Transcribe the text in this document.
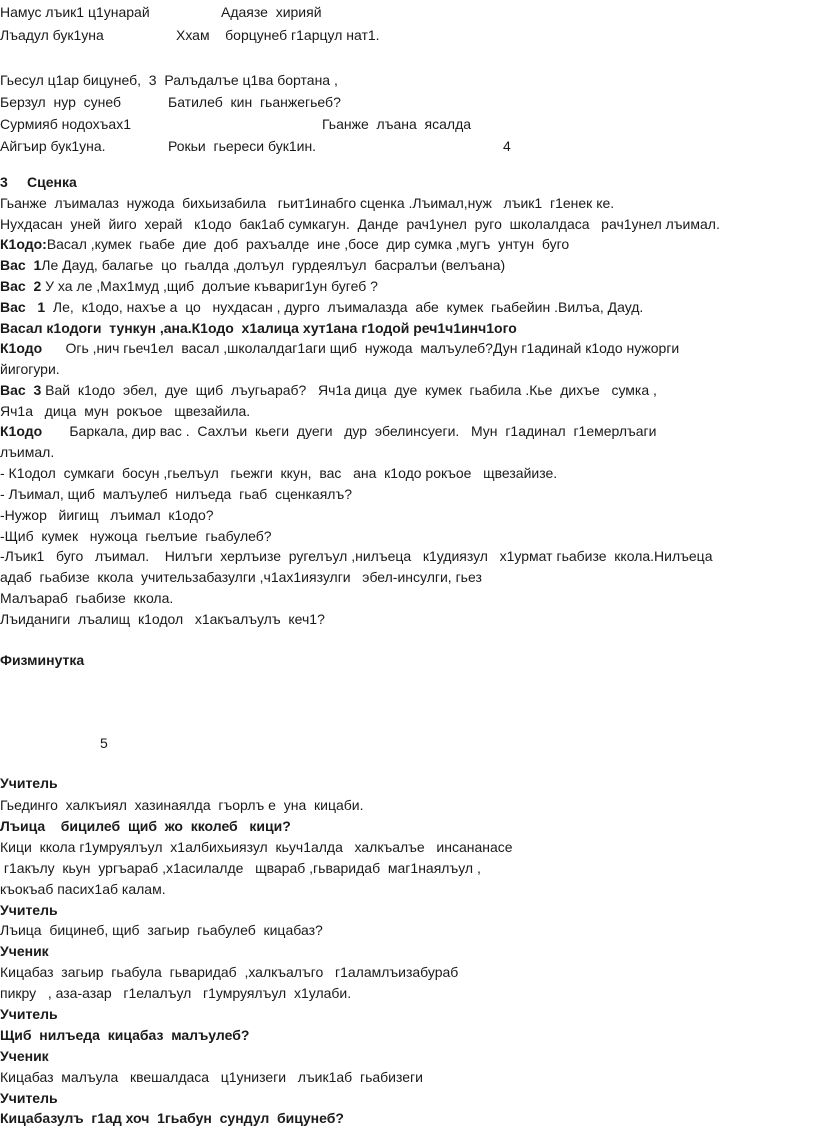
Намус лъик1 ц1унарай	Адаязе  хирияй
Лъадул бук1уна	Ххам    борцунеб г1арцул нат1.
Гьесул ц1ар бицунеб,  3  Ралъдалъе ц1ва бортана ,
Берзул  нур  сунеб	Батилеб  кин  гьанжегьеб?
Сурмияб нодохъах1	Гьанже  лъана  ясалда
Айгъир бук1уна.	Рокьи  гьереси бук1ин.	4
3 Сценка
Гьанже  лъималаз  нужода  бихьизабила   гьит1инабго сценка .Лъимал,нуж   лъик1  г1енек ке.
Нухдасан  уней  йиго  херай   к1одо  бак1аб сумкагун.  Данде  рач1унел  руго  школалдаса   рач1унел лъимал.
К1одо:Васал ,кумек  гьабе  дие  доб  рахъалде  ине ,босе  дир сумка ,мугъ  унтун  буго
Вас  1Ле Дауд, балагье  цо  гьалда ,долъул  гурдеялъул  басралъи (велъана)
Вас  2 У ха ле ,Мах1муд ,щиб  долъие къвариг1ун бугеб ?
Вас   1  Ле,  к1одо, нахъе а  цо   нухдасан , дурго  лъималазда  абе  кумек  гьабейин .Вилъа, Дауд.
Васал к1одоги  тункун ,ана.К1одо  х1алица хут1ана г1одой реч1ч1инч1ого
К1одо      Огь ,нич гьеч1ел  васал ,школалдаг1аги щиб  нужода  малъулеб?Дун г1адинай к1одо нужорги
йигогури.
Вас  3 Вай  к1одо  эбел,  дуе  щиб  лъугьараб?   Яч1а дица  дуе  кумек  гьабила .Кье  дихъе   сумка ,
Яч1а   дица  мун  рокъое   щвезайила.
К1одо       Баркала, дир вас .  Сахлъи  кьеги  дуеги   дур  эбелинсуеги.   Мун  г1адинал  г1емерлъаги
лъимал.
- К1одол  сумкаги  босун ,гьелъул   гьежги  ккун,  вас   ана  к1одо рокъое   щвезайизе.
- Лъимал, щиб  малъулеб  нилъеда  гьаб  сценкаялъ?
-Нужор   йигищ   лъимал  к1одо?
-Щиб  кумек   нужоца  гьелъие  гьабулеб?
-Лъик1   буго   лъимал.    Нилъги  херлъизе  ругелъул ,нилъеца   к1удиязул   х1урмат гьабизе  ккола.Нилъеца
адаб  гьабизе  ккола  учительзабазулги ,ч1ах1иязулги   эбел-инсулги, гьез
Малъараб  гьабизе  ккола.
Лъиданиги  лъалищ  к1одол   х1акъалъулъ  кеч1?
Физминутка
5
Учитель
Гьединго  халкъиял  хазинаялда  гъорлъ е  уна  кицаби.
Лъица    бицилеб  щиб  жо  кколеб   кици?
Кици  ккола г1умруялъул  х1албихьиязул  кьуч1алда   халкъалъе   инсананасе
г1акълу  кьун  ургъараб ,х1асилалде   щвараб ,гьваридаб  маг1наялъул ,
къокъаб пасих1аб калам.
Учитель
Лъица  бицинеб, щиб  загьир  гьабулеб  кицабаз?
Ученик
Кицабаз  загьир  гьабула  гьваридаб  ,халкъалъго   г1аламлъизабураб
пикру   , аза-азар   г1елалъул   г1умруялъул  х1улаби.
Учитель
Щиб  нилъеда  кицабаз  малъулеб?
Ученик
Кицабаз  малъула   квешалдаса   ц1унизеги   лъик1аб  гьабизеги
Учитель
Кицабазулъ  г1ад хоч  1гьабун  сундул  бицунеб?
